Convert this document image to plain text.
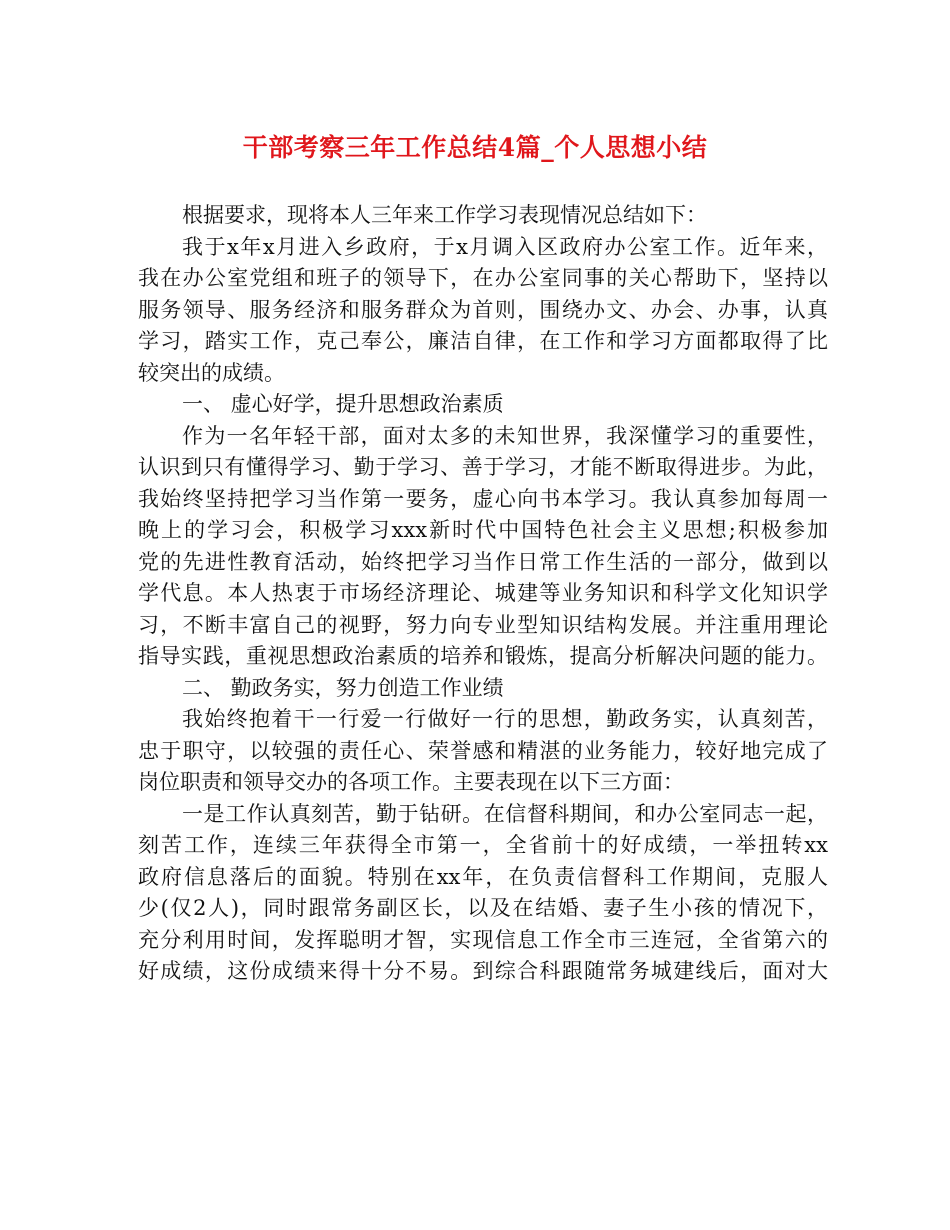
干部考察三年工作总结4篇_个人思想小结
根据要求，现将本人三年来工作学习表现情况总结如下：
我于x年x月进入乡政府，于x月调入区政府办公室工作。近年来，
我在办公室党组和班子的领导下，在办公室同事的关心帮助下，坚持以
服务领导、服务经济和服务群众为首则，围绕办文、办会、办事，认真
学习，踏实工作，克己奉公，廉洁自律，在工作和学习方面都取得了比
较突出的成绩。
一、 虚心好学，提升思想政治素质
作为一名年轻干部，面对太多的未知世界，我深懂学习的重要性，
认识到只有懂得学习、勤于学习、善于学习，才能不断取得进步。为此，
我始终坚持把学习当作第一要务，虚心向书本学习。我认真参加每周一
晚上的学习会，积极学习xxx新时代中国特色社会主义思想;积极参加
党的先进性教育活动，始终把学习当作日常工作生活的一部分，做到以
学代息。本人热衷于市场经济理论、城建等业务知识和科学文化知识学
习，不断丰富自己的视野，努力向专业型知识结构发展。并注重用理论
指导实践，重视思想政治素质的培养和锻炼，提高分析解决问题的能力。
二、 勤政务实，努力创造工作业绩
我始终抱着干一行爱一行做好一行的思想，勤政务实，认真刻苦，
忠于职守，以较强的责任心、荣誉感和精湛的业务能力，较好地完成了
岗位职责和领导交办的各项工作。主要表现在以下三方面：
一是工作认真刻苦，勤于钻研。在信督科期间，和办公室同志一起，
刻苦工作，连续三年获得全市第一，全省前十的好成绩，一举扭转xx
政府信息落后的面貌。特别在xx年，在负责信督科工作期间，克服人
少(仅2人)，同时跟常务副区长，以及在结婚、妻子生小孩的情况下，
充分利用时间，发挥聪明才智，实现信息工作全市三连冠，全省第六的
好成绩，这份成绩来得十分不易。到综合科跟随常务城建线后，面对大
